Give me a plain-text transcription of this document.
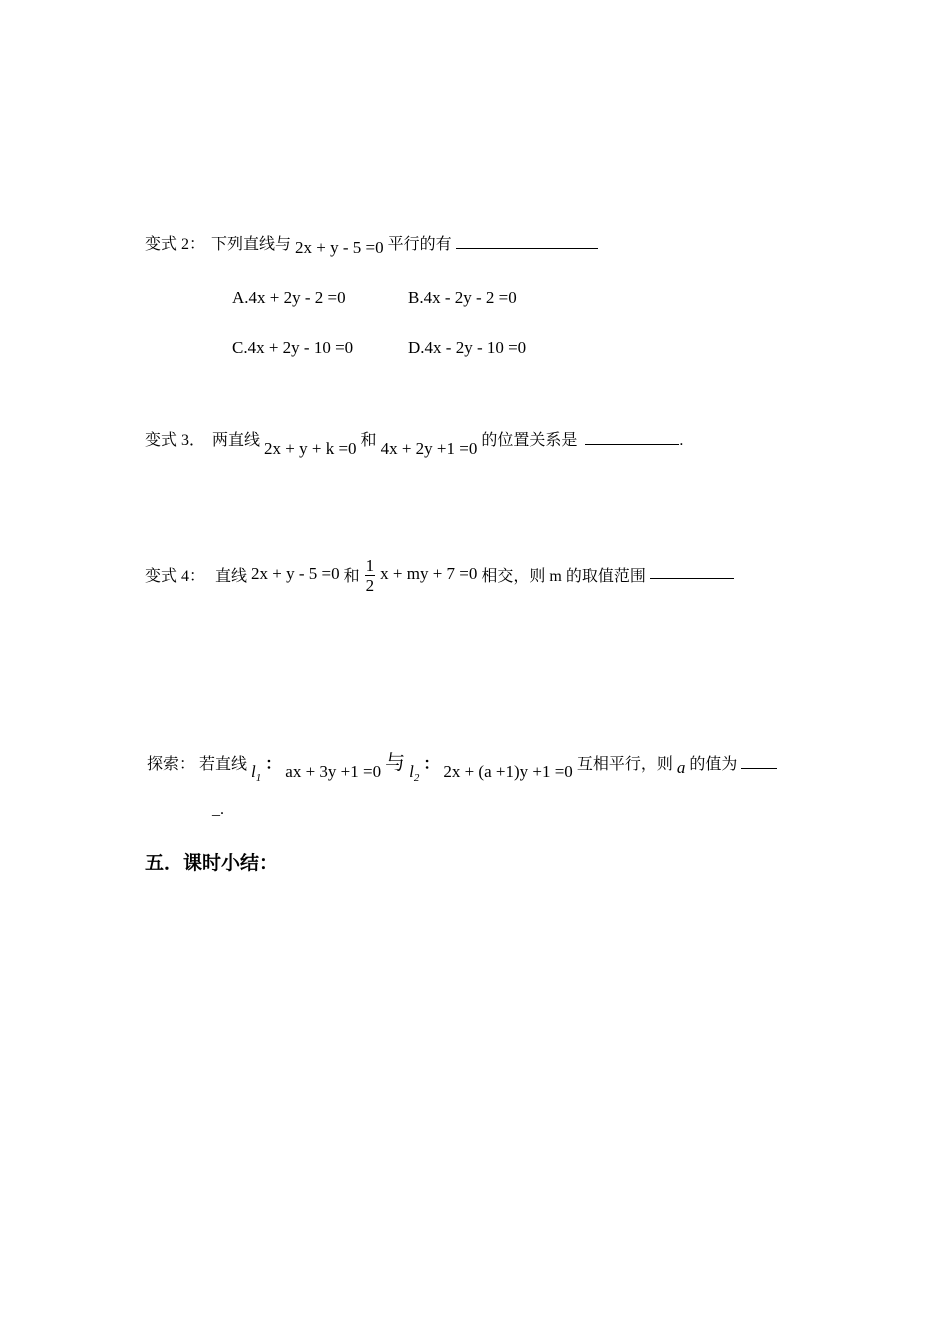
变式 2： 下列直线与 2x + y - 5 =0 平行的有
A.4x + 2y - 2 =0	B.4x - 2y - 2 =0
C.4x + 2y - 10 =0	D.4x - 2y - 10 =0
变式 3． 两直线 2x + y + k =0 和 4x + 2y +1 =0 的位置关系是	.
变式 4： 直线 2x + y - 5 =0 和 $\frac{1}{2}$ x + my + 7 =0 相交，则 m 的取值范围
探索： 若直线 $l_1$ ： ax + 3y +1 =0 与 $l_2$ ： 2x + (a +1)y +1 =0 互相平行，则 a 的值为
_.
五．课时小结：
